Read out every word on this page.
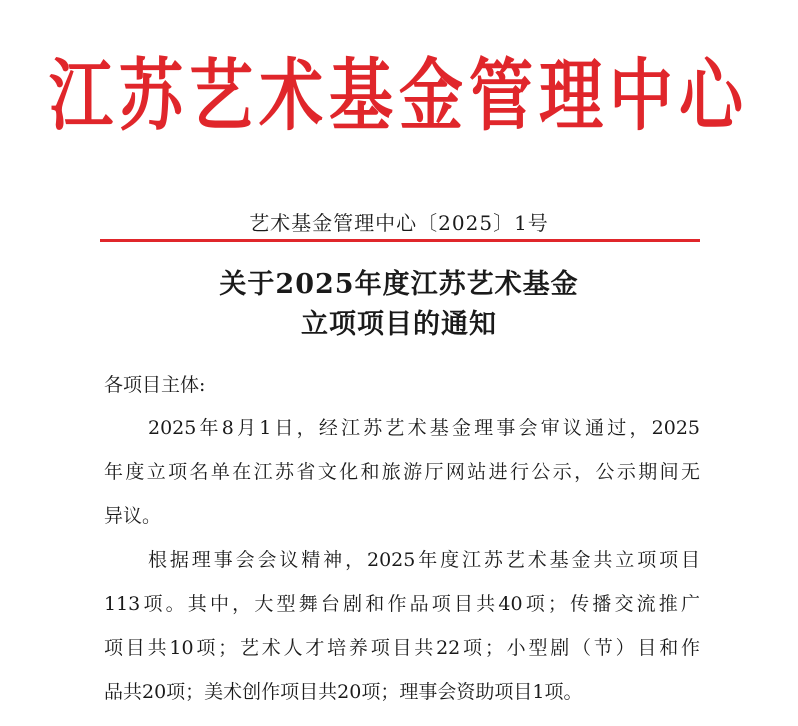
江苏艺术基金管理中心
艺术基金管理中心〔2025〕1号
关于2025年度江苏艺术基金
立项项目的通知
各项目主体:
2025年8月1日，经江苏艺术基金理事会审议通过，2025
年度立项名单在江苏省文化和旅游厅网站进行公示，公示期间无
异议。
根据理事会会议精神，2025年度江苏艺术基金共立项项目
113项。其中，大型舞台剧和作品项目共40项；传播交流推广
项目共10项；艺术人才培养项目共22项；小型剧（节）目和作
品共20项；美术创作项目共20项；理事会资助项目1项。
